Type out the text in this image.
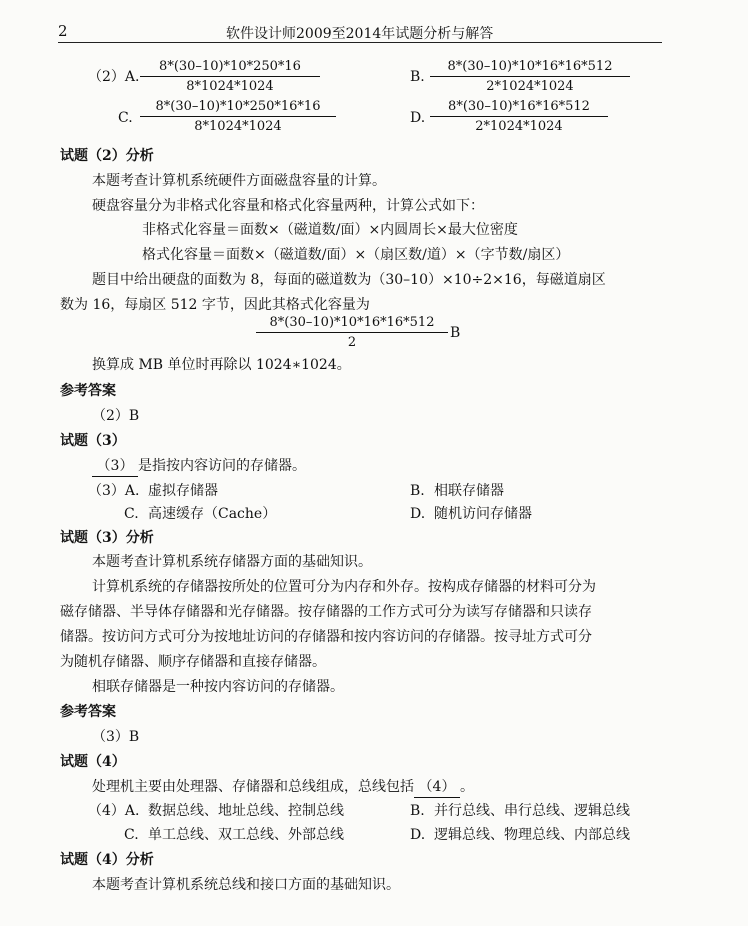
2	软件设计师2009至2014年试题分析与解答
（2）A. $\frac{8*(30-10)*10*250*16}{8*1024*1024}$	B. $\frac{8*(30-10)*10*16*16*512}{2*1024*1024}$
C. $\frac{8*(30-10)*10*250*16*16}{8*1024*1024}$	D. $\frac{8*(30-10)*16*16*512}{2*1024*1024}$
试题（2）分析
本题考查计算机系统硬件方面磁盘容量的计算。
硬盘容量分为非格式化容量和格式化容量两种，计算公式如下：
非格式化容量＝面数×（磁道数/面）×内圆周长×最大位密度
格式化容量＝面数×（磁道数/面）×（扇区数/道）×（字节数/扇区）
题目中给出硬盘的面数为 8，每面的磁道数为（30–10）×10÷2×16，每磁道扇区
数为 16，每扇区 512 字节，因此其格式化容量为
$\frac{8*(30-10)*10*16*16*512}{2}$ B
换算成 MB 单位时再除以 1024∗1024。
参考答案
（2）B
试题（3）
（3） 是指按内容访问的存储器。
（3）A. 虚拟存储器	B. 相联存储器
C. 高速缓存（Cache）	D. 随机访问存储器
试题（3）分析
本题考查计算机系统存储器方面的基础知识。
计算机系统的存储器按所处的位置可分为内存和外存。按构成存储器的材料可分为
磁存储器、半导体存储器和光存储器。按存储器的工作方式可分为读写存储器和只读存
储器。按访问方式可分为按地址访问的存储器和按内容访问的存储器。按寻址方式可分
为随机存储器、顺序存储器和直接存储器。
相联存储器是一种按内容访问的存储器。
参考答案
（3）B
试题（4）
处理机主要由处理器、存储器和总线组成，总线包括 （4） 。
（4）A. 数据总线、地址总线、控制总线	B. 并行总线、串行总线、逻辑总线
C. 单工总线、双工总线、外部总线	D. 逻辑总线、物理总线、内部总线
试题（4）分析
本题考查计算机系统总线和接口方面的基础知识。
